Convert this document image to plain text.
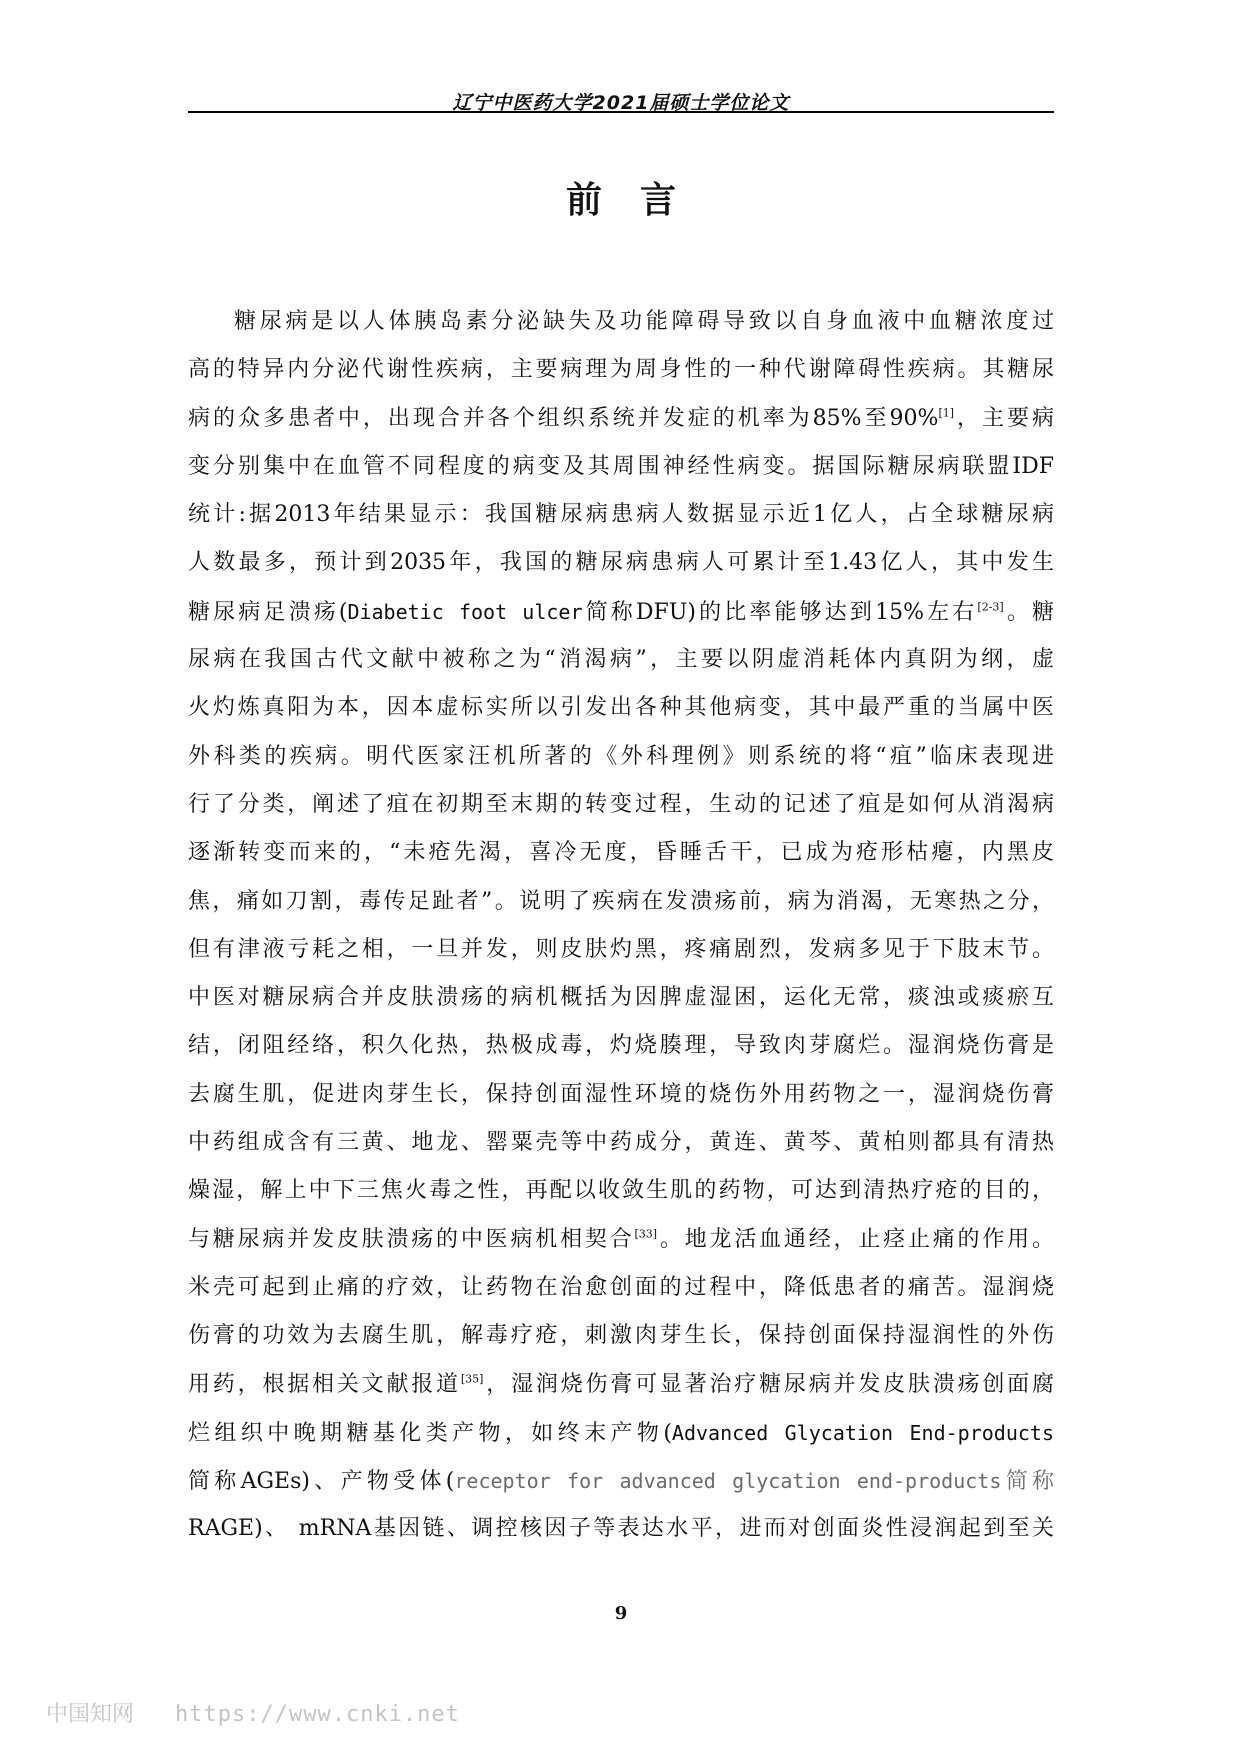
辽宁中医药大学2021届硕士学位论文
前言
糖尿病是以人体胰岛素分泌缺失及功能障碍导致以自身血液中血糖浓度过
高的特异内分泌代谢性疾病，主要病理为周身性的一种代谢障碍性疾病。其糖尿
病的众多患者中，出现合并各个组织系统并发症的机率为85%至90%[1]，主要病
变分别集中在血管不同程度的病变及其周围神经性病变。据国际糖尿病联盟IDF
统计:据2013年结果显示：我国糖尿病患病人数据显示近1亿人，占全球糖尿病
人数最多，预计到2035年，我国的糖尿病患病人可累计至1.43亿人，其中发生
糖尿病足溃疡(Diabetic foot ulcer简称DFU)的比率能够达到15%左右[2-3]。糖
尿病在我国古代文献中被称之为“消渴病”，主要以阴虚消耗体内真阴为纲，虚
火灼炼真阳为本，因本虚标实所以引发出各种其他病变，其中最严重的当属中医
外科类的疾病。明代医家汪机所著的《外科理例》则系统的将“疽”临床表现进
行了分类，阐述了疽在初期至末期的转变过程，生动的记述了疽是如何从消渴病
逐渐转变而来的，“未疮先渴，喜冷无度，昏睡舌干，已成为疮形枯瘪，内黑皮
焦，痛如刀割，毒传足趾者”。说明了疾病在发溃疡前，病为消渴，无寒热之分，
但有津液亏耗之相，一旦并发，则皮肤灼黑，疼痛剧烈，发病多见于下肢末节。
中医对糖尿病合并皮肤溃疡的病机概括为因脾虚湿困，运化无常，痰浊或痰瘀互
结，闭阻经络，积久化热，热极成毒，灼烧腠理，导致肉芽腐烂。湿润烧伤膏是
去腐生肌，促进肉芽生长，保持创面湿性环境的烧伤外用药物之一，湿润烧伤膏
中药组成含有三黄、地龙、罂粟壳等中药成分，黄连、黄芩、黄柏则都具有清热
燥湿，解上中下三焦火毒之性，再配以收敛生肌的药物，可达到清热疗疮的目的，
与糖尿病并发皮肤溃疡的中医病机相契合[33]。地龙活血通经，止痉止痛的作用。
米壳可起到止痛的疗效，让药物在治愈创面的过程中，降低患者的痛苦。湿润烧
伤膏的功效为去腐生肌，解毒疗疮，刺激肉芽生长，保持创面保持湿润性的外伤
用药，根据相关文献报道[35]，湿润烧伤膏可显著治疗糖尿病并发皮肤溃疡创面腐
烂组织中晚期糖基化类产物，如终末产物(Advanced Glycation End-products
简称AGEs)、产物受体(receptor for advanced glycation end-products简称
RAGE)、 mRNA基因链、调控核因子等表达水平，进而对创面炎性浸润起到至关
9
中国知网 https://www.cnki.net
